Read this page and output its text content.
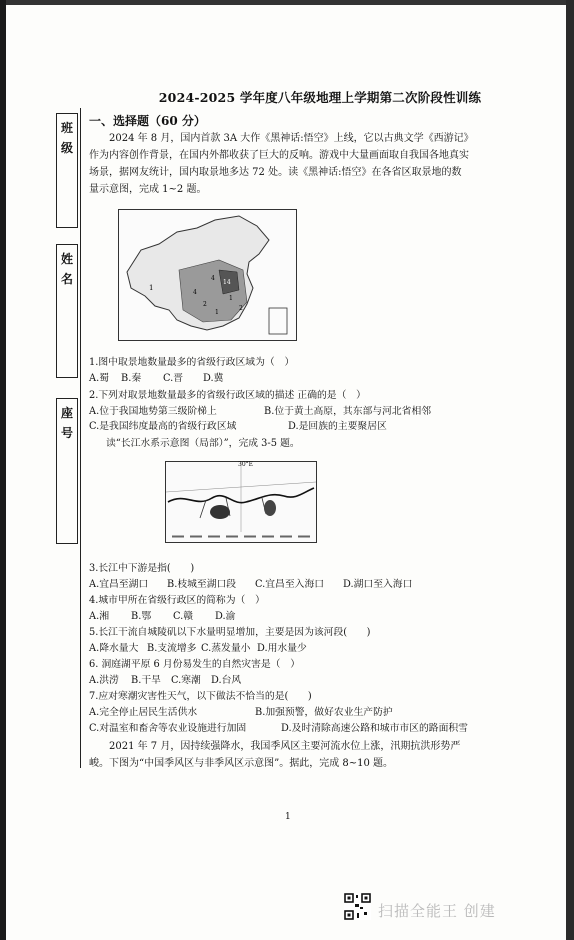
2024-2025 学年度八年级地理上学期第二次阶段性训练
班
级
姓
名
座
号
一、选择题（60 分）
2024 年 8 月，国内首款 3A 大作《黑神话:悟空》上线，它以古典文学《西游记》作为内容创作背景，在国内外都收获了巨大的反响。游戏中大量画面取自我国各地真实场景，据网友统计，国内取景地多达 72 处。读《黑神话:悟空》在各省区取景地的数量示意图，完成 1~2 题。
1
4
14
1
2
2
1
4
1.图中取景地数量最多的省级行政区域为（　）
A.蜀	B.秦	C.晋	D.冀
2.下列对取景地数量最多的省级行政区域的描述 正确的是（　）
A.位于我国地势第三级阶梯上	B.位于黄土高原，其东部与河北省相邻
C.是我国纬度最高的省级行政区域	D.是回族的主要聚居区
读“长江水系示意图（局部）”，完成 3-5 题。
30°E
3.长江中下游是指(　　)
A.宜昌至湖口	B.枝城至湖口段	C.宜昌至入海口	D.湖口至入海口
4.城市甲所在省级行政区的简称为（　）
A.湘	B.鄂	C.赣	D.渝
5.长江干流自城陵矶以下水量明显增加，主要是因为该河段(　　)
A.降水量大 B.支流增多 C.蒸发量小 D.用水量少
6. 洞庭湖平原 6 月份易发生的自然灾害是（　）
A.洪涝	B.干旱	C.寒潮	D.台风
7.应对寒潮灾害性天气，以下做法不恰当的是(　　)
A.完全停止居民生活供水	B.加强预警，做好农业生产防护
C.对温室和畜舍等农业设施进行加固	D.及时清除高速公路和城市市区的路面积雪
2021 年 7 月，因持续强降水，我国季风区主要河流水位上涨，汛期抗洪形势严峻。下图为“中国季风区与非季风区示意图”。据此，完成 8~10 题。
1
扫描全能王 创建
